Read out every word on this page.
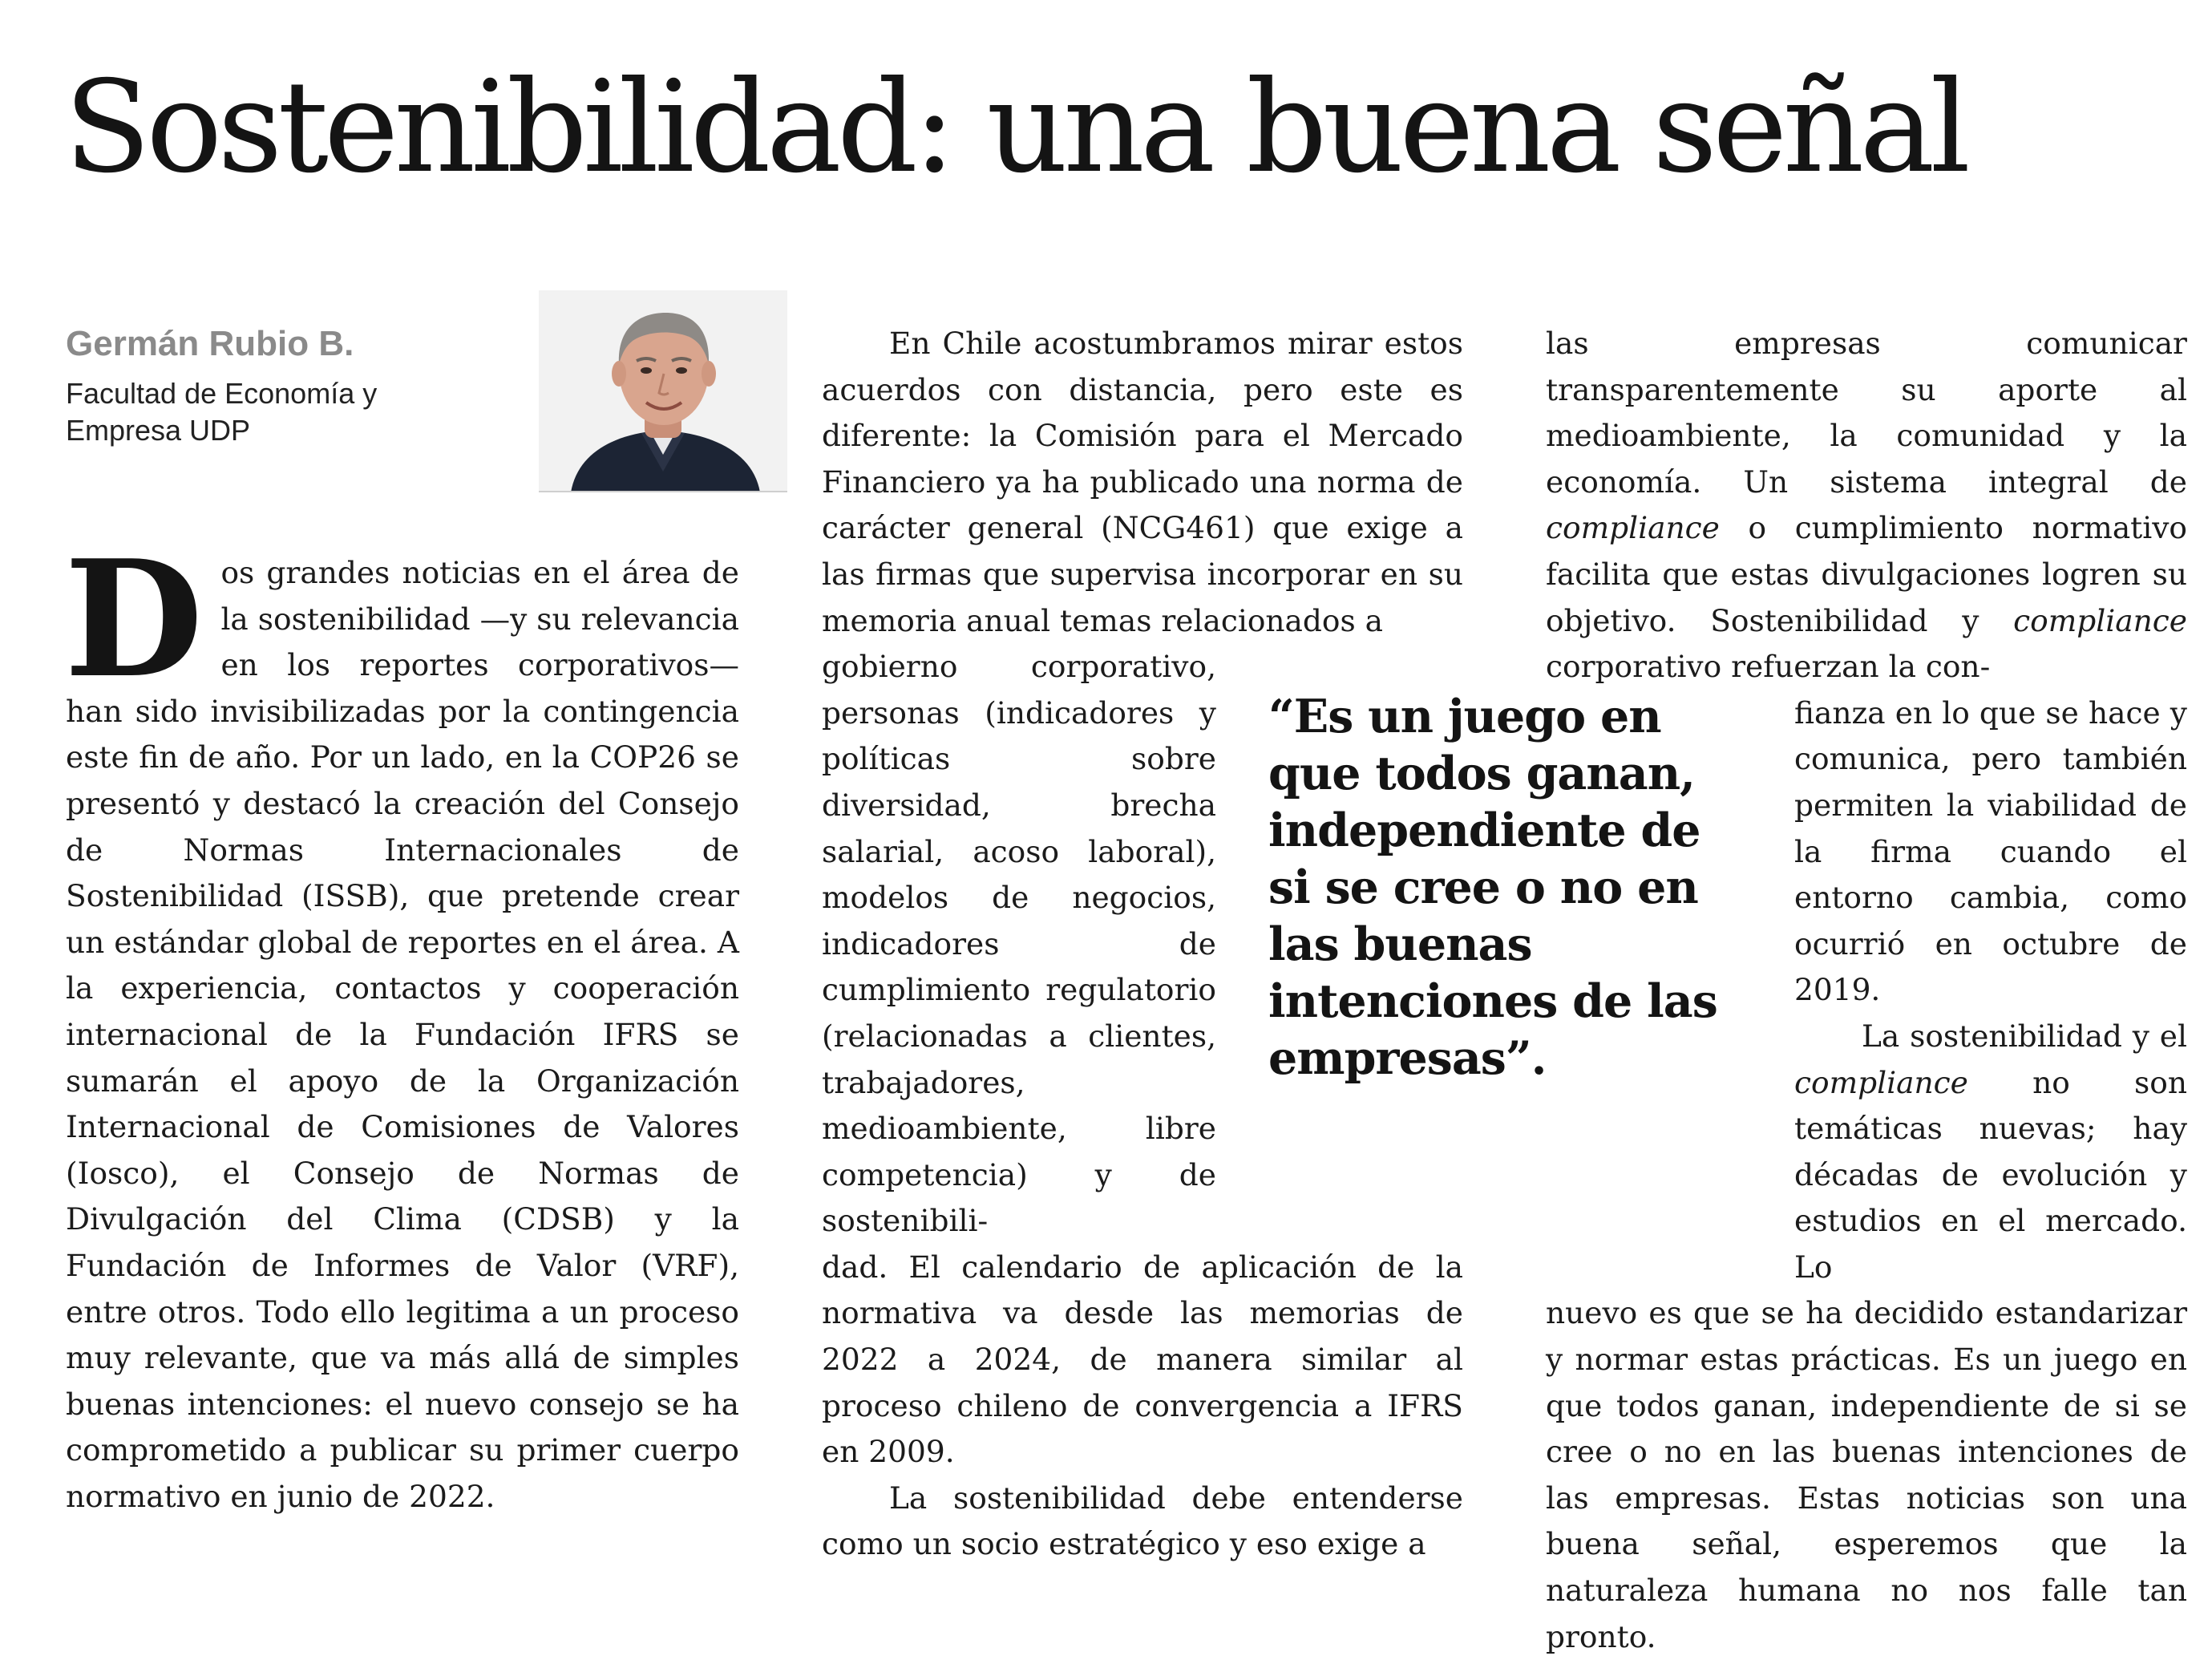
Sostenibilidad: una buena señal

Germán Rubio B.

Facultad de Economía y
Empresa UDP

D os grandes noticias en el área de la sostenibilidad —y su relevancia en los reportes corporativos— han sido invisibilizadas por la contingencia este fin de año. Por un lado, en la COP26 se presentó y destacó la creación del Consejo de Normas Internacionales de Sostenibilidad (ISSB), que pretende crear un estándar global de reportes en el área. A la experiencia, contactos y cooperación internacional de la Fundación IFRS se sumarán el apoyo de la Organización Internacional de Comisiones de Valores (Iosco), el Consejo de Normas de Divulgación del Clima (CDSB) y la Fundación de Informes de Valor (VRF), entre otros. Todo ello legitima a un proceso muy relevante, que va más allá de simples buenas intenciones: el nuevo consejo se ha comprometido a publicar su primer cuerpo normativo en junio de 2022.

En Chile acostumbramos mirar estos acuerdos con distancia, pero este es diferente: la Comisión para el Mercado Financiero ya ha publicado una norma de carácter general (NCG461) que exige a las firmas que supervisa incorporar en su memoria anual temas relacionados a

gobierno corporativo, personas (indicadores y políticas sobre diversidad, brecha salarial, acoso laboral), modelos de negocios, indicadores de cumplimiento regulatorio (relacionadas a clientes, trabajadores, medioambiente, libre competencia) y de sostenibili-

dad. El calendario de aplicación de la normativa va desde las memorias de 2022 a 2024, de manera similar al proceso chileno de convergencia a IFRS en 2009.

La sostenibilidad debe entenderse como un socio estratégico y eso exige a

“Es un juego en que todos ganan, independiente de si se cree o no en las buenas intenciones de las empresas”.

las empresas comunicar transparentemente su aporte al medioambiente, la comunidad y la economía. Un sistema integral de compliance o cumplimiento normativo facilita que estas divulgaciones logren su objetivo. Sostenibilidad y compliance corporativo refuerzan la con-

fianza en lo que se hace y comunica, pero también permiten la viabilidad de la firma cuando el entorno cambia, como ocurrió en octubre de 2019.

La sostenibilidad y el compliance no son temáticas nuevas; hay décadas de evolución y estudios en el mercado. Lo

nuevo es que se ha decidido estandarizar y normar estas prácticas. Es un juego en que todos ganan, independiente de si se cree o no en las buenas intenciones de las empresas. Estas noticias son una buena señal, esperemos que la naturaleza humana no nos falle tan pronto.
